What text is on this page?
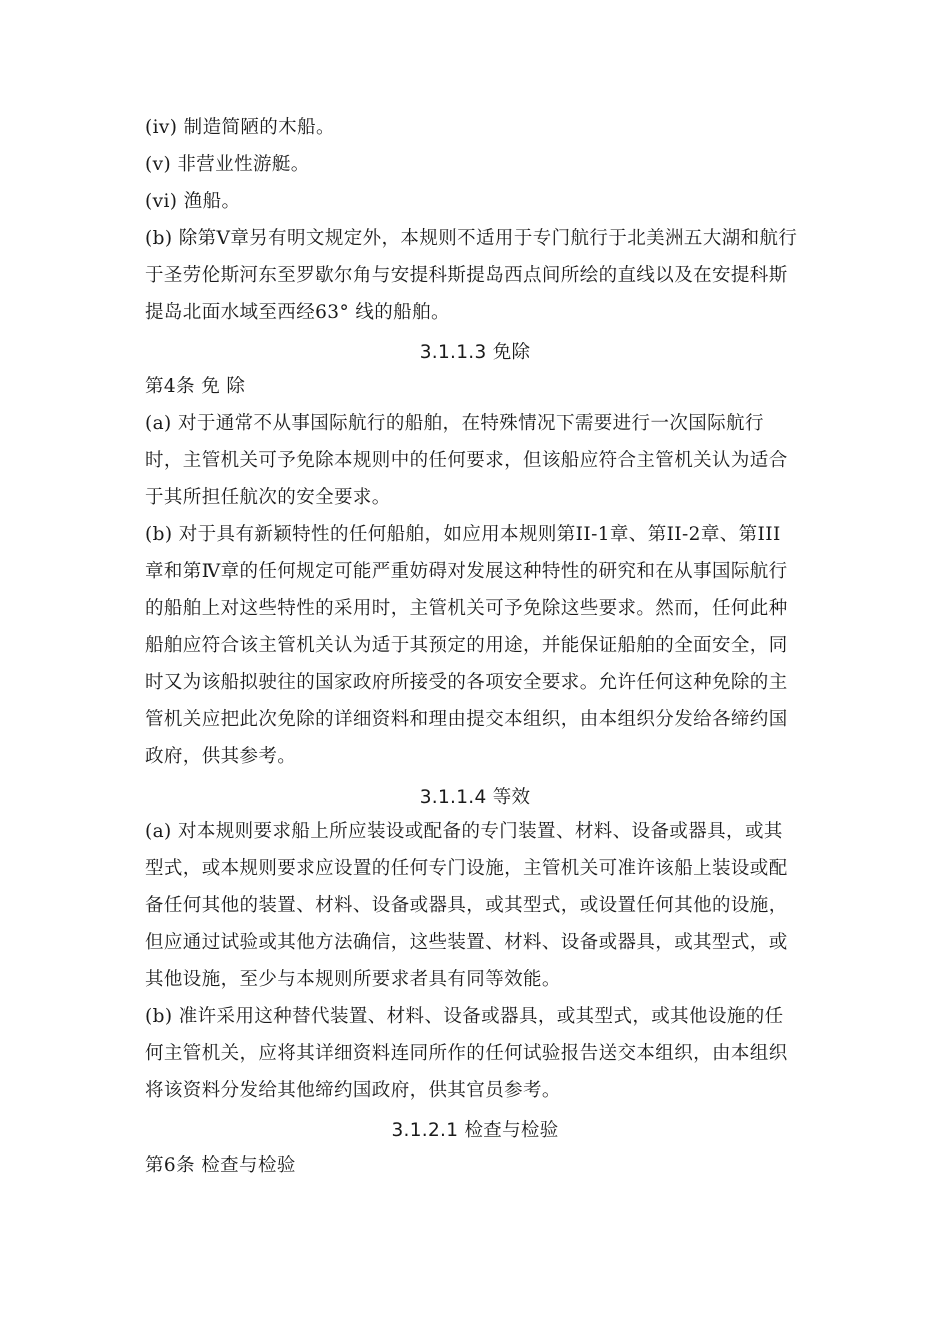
(iv) 制造简陋的木船。
(ⅴ) 非营业性游艇。
(vi) 渔船。
(b) 除第Ⅴ章另有明文规定外，本规则不适用于专门航行于北美洲五大湖和航行
于圣劳伦斯河东至罗歇尔角与安提科斯提岛西点间所绘的直线以及在安提科斯
提岛北面水域至西经63° 线的船舶。
3.1.1.3 免除
第4条 免 除
(a) 对于通常不从事国际航行的船舶，在特殊情况下需要进行一次国际航行
时，主管机关可予免除本规则中的任何要求，但该船应符合主管机关认为适合
于其所担任航次的安全要求。
(b) 对于具有新颖特性的任何船舶，如应用本规则第II-1章、第II-2章、第III
章和第Ⅳ章的任何规定可能严重妨碍对发展这种特性的研究和在从事国际航行
的船舶上对这些特性的采用时，主管机关可予免除这些要求。然而，任何此种
船舶应符合该主管机关认为适于其预定的用途，并能保证船舶的全面安全，同
时又为该船拟驶往的国家政府所接受的各项安全要求。允许任何这种免除的主
管机关应把此次免除的详细资料和理由提交本组织，由本组织分发给各缔约国
政府，供其参考。
3.1.1.4 等效
(a) 对本规则要求船上所应装设或配备的专门装置、材料、设备或器具，或其
型式，或本规则要求应设置的任何专门设施，主管机关可准许该船上装设或配
备任何其他的装置、材料、设备或器具，或其型式，或设置任何其他的设施，
但应通过试验或其他方法确信，这些装置、材料、设备或器具，或其型式，或
其他设施，至少与本规则所要求者具有同等效能。
(b) 准许采用这种替代装置、材料、设备或器具，或其型式，或其他设施的任
何主管机关，应将其详细资料连同所作的任何试验报告送交本组织，由本组织
将该资料分发给其他缔约国政府，供其官员参考。
3.1.2.1 检查与检验
第6条 检查与检验
